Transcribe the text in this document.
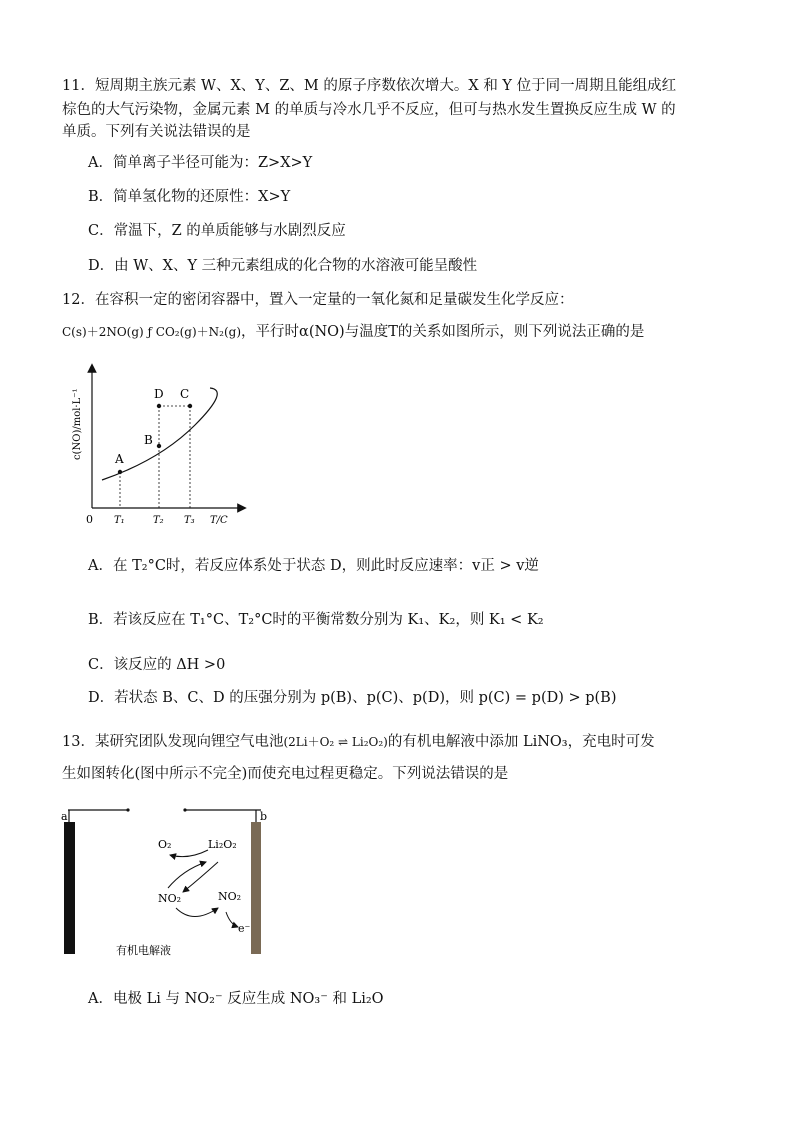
11．短周期主族元素 W、X、Y、Z、M 的原子序数依次增大。X 和 Y 位于同一周期且能组成红
棕色的大气污染物，金属元素 M 的单质与冷水几乎不反应，但可与热水发生置换反应生成 W 的
单质。下列有关说法错误的是
A．简单离子半径可能为：Z>X>Y
B．简单氢化物的还原性：X>Y
C．常温下，Z 的单质能够与水剧烈反应
D．由 W、X、Y 三种元素组成的化合物的水溶液可能呈酸性
12．在容积一定的密闭容器中，置入一定量的一氧化氮和足量碳发生化学反应：
C(s)＋2NO(g) ƒ CO₂(g)＋N₂(g)，平行时α(NO)与温度T的关系如图所示，则下列说法正确的是
A
B
C
D
0 T₁	T₂ T₃ T/C
c(NO)/mol·L⁻¹
A．在 T₂°C时，若反应体系处于状态 D，则此时反应速率：v正 > v逆
B．若该反应在 T₁°C、T₂°C时的平衡常数分别为 K₁、K₂，则 K₁ < K₂
C．该反应的 ΔH >0
D．若状态 B、C、D 的压强分别为 p(B)、p(C)、p(D)，则 p(C) = p(D) > p(B)
13．某研究团队发现向锂空气电池(2Li＋O₂ ⇌ Li₂O₂)的有机电解液中添加 LiNO₃，充电时可发
生如图转化(图中所示不完全)而使充电过程更稳定。下列说法错误的是
a	b
O₂	Li₂O₂
NO₂	NO₂
e⁻
有机电解液
A．电极 Li 与 NO₂⁻ 反应生成 NO₃⁻ 和 Li₂O
